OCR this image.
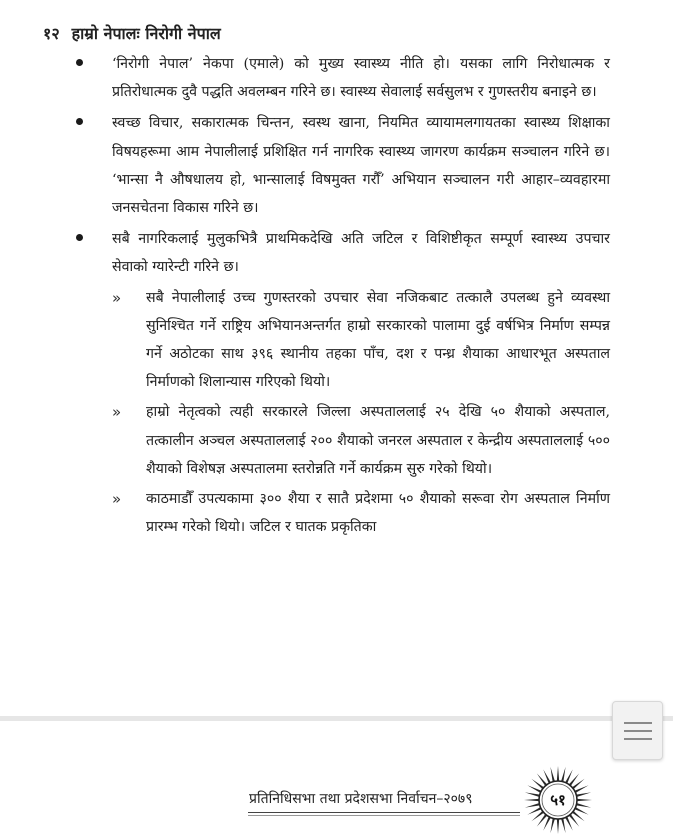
१२ हाम्रो नेपालः निरोगी नेपाल
‘निरोगी नेपाल’ नेकपा (एमाले) को मुख्य स्वास्थ्य नीति हो। यसका लागि निरोधात्मक र प्रतिरोधात्मक दुवै पद्धति अवलम्बन गरिने छ। स्वास्थ्य सेवालाई सर्वसुलभ र गुणस्तरीय बनाइने छ।
स्वच्छ विचार, सकारात्मक चिन्तन, स्वस्थ खाना, नियमित व्यायामलगायतका स्वास्थ्य शिक्षाका विषयहरूमा आम नेपालीलाई प्रशिक्षित गर्न नागरिक स्वास्थ्य जागरण कार्यक्रम सञ्चालन गरिने छ। ‘भान्सा नै औषधालय हो, भान्सालाई विषमुक्त गरौँ’ अभियान सञ्चालन गरी आहार–व्यवहारमा जनसचेतना विकास गरिने छ।
सबै नागरिकलाई मुलुकभित्रै प्राथमिकदेखि अति जटिल र विशिष्टीकृत सम्पूर्ण स्वास्थ्य उपचार सेवाको ग्यारेन्टी गरिने छ।
» सबै नेपालीलाई उच्च गुणस्तरको उपचार सेवा नजिकबाट तत्कालै उपलब्ध हुने व्यवस्था सुनिश्चित गर्ने राष्ट्रिय अभियानअन्तर्गत हाम्रो सरकारको पालामा दुई वर्षभित्र निर्माण सम्पन्न गर्ने अठोटका साथ ३९६ स्थानीय तहका पाँच, दश र पन्ध्र शैयाका आधारभूत अस्पताल निर्माणको शिलान्यास गरिएको थियो।
» हाम्रो नेतृत्वको त्यही सरकारले जिल्ला अस्पताललाई २५ देखि ५० शैयाको अस्पताल, तत्कालीन अञ्चल अस्पताललाई २०० शैयाको जनरल अस्पताल र केन्द्रीय अस्पताललाई ५०० शैयाको विशेषज्ञ अस्पतालमा स्तरोन्नति गर्ने कार्यक्रम सुरु गरेको थियो।
» काठमाडौँ उपत्यकामा ३०० शैया र सातै प्रदेशमा ५० शैयाको सरूवा रोग अस्पताल निर्माण प्रारम्भ गरेको थियो। जटिल र घातक प्रकृतिका
प्रतिनिधिसभा तथा प्रदेशसभा निर्वाचन–२०७९	५१
